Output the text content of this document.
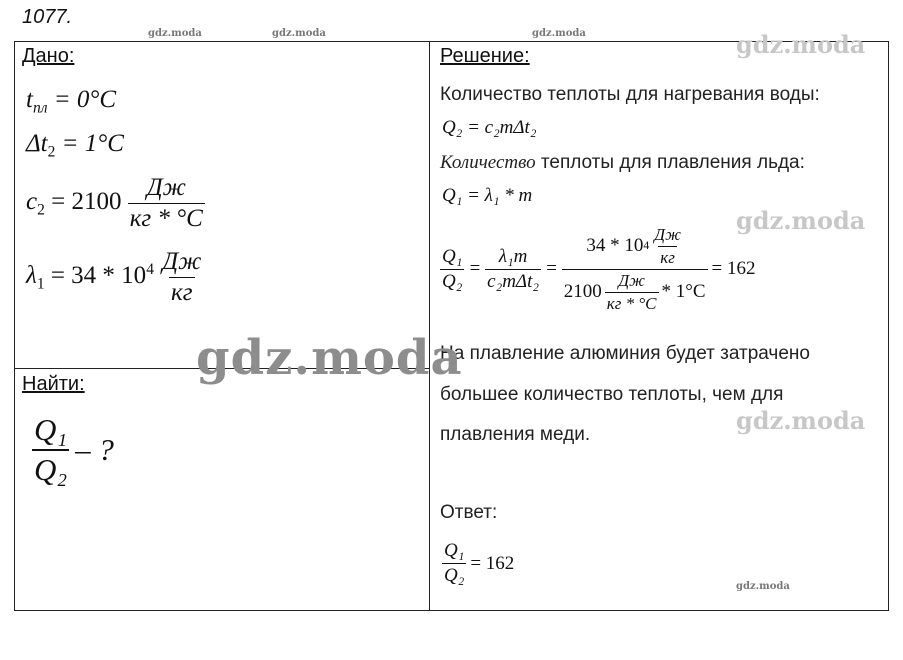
1077.
gdz.moda	gdz.moda	gdz.moda
Дано:
$t_{пл} = 0^\circ C$
$\Delta t_2 = 1^\circ C$
$c_2 = 2100 \frac{Дж}{кг * ^\circ C}$
$\lambda_1 = 34 * 10^4 \frac{Дж}{кг}$
Найти:
$\frac{\text{Q₁}}{\text{Q₂}}$ – ?
Решение:
Количество теплоты для нагревания воды:
Q₂ = c₂mΔt₂
Количество теплоты для плавления льда:
Q₁ = λ₁ * m
$\frac{\text{Q₁}}{\text{Q₂}} = \frac{\text{λ₁m}}{\text{c₂mΔt₂}} = \frac{34 * 10 4 \frac{Дж}{кг}}{2100 \frac{Дж}{кг * ^\circ C} * 1^\circ C} = 162$
На плавление алюминия будет затрачено
большее количество теплоты, чем для
плавления меди.
Ответ:
$\frac{\text{Q₁}}{\text{Q₂}} = 162$
gdz.moda
gdz.moda
gdz.moda
gdz.moda
gdz.moda
